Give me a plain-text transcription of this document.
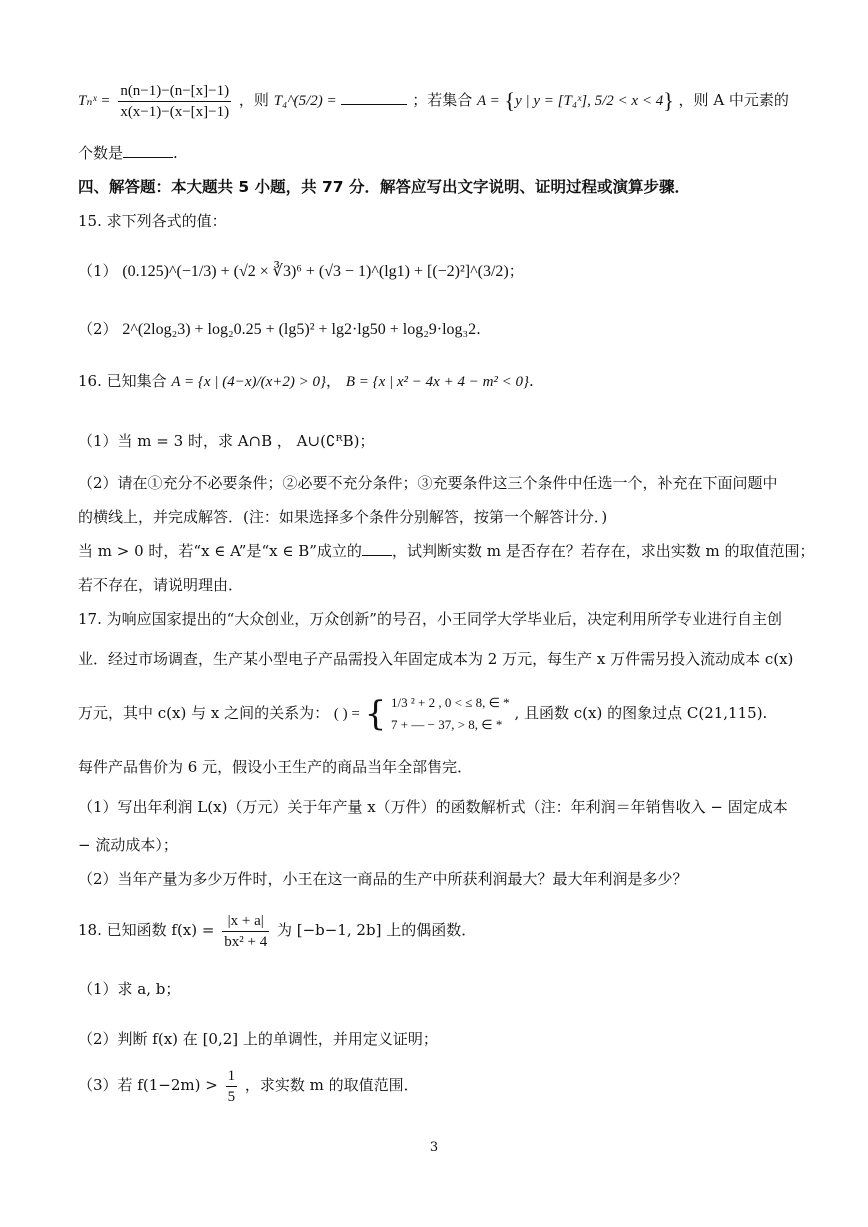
Tₙˣ = $\frac{n(n-1)-(n-[x]-1)}{x(x-1)-(x-[x]-1)}$ ，则 T₄^(5/2) =	；若集合 A = {y | y = [T₄ˣ], 5/2 < x < 4} ，则 A 中元素的
个数是	.
四、解答题：本大题共 5 小题，共 77 分．解答应写出文字说明、证明过程或演算步骤．
15. 求下列各式的值：
（1） (0.125)^(−1/3) + (√2 × ∛3)⁶ + (√3 − 1)^(lg1) + [(−2)²]^(3/2)；
（2） 2^(2log₂3) + log₂0.25 + (lg5)² + lg2·lg50 + log₂9·log₃2.
16. 已知集合 A = {x | (4−x)/(x+2) > 0}， B = {x | x² − 4x + 4 − m² < 0}.
（1）当 m = 3 时，求 A∩B ， A∪(∁ᴿB)；
（2）请在①充分不必要条件；②必要不充分条件；③充要条件这三个条件中任选一个，补充在下面问题中
的横线上，并完成解答．(注：如果选择多个条件分别解答，按第一个解答计分．)
当 m > 0 时，若“x ∈ A”是“x ∈ B”成立的 ，试判断实数 m 是否存在？若存在，求出实数 m 的取值范围；
若不存在，请说明理由．
17. 为响应国家提出的“大众创业，万众创新”的号召，小王同学大学毕业后，决定利用所学专业进行自主创
业．经过市场调查，生产某小型电子产品需投入年固定成本为 2 万元，每生产 x 万件需另投入流动成本 c(x)
万元，其中 c(x) 与 x 之间的关系为： ( ) = { 1/3 ² + 2 , 0 < ≤ 8, ∈ *
7 + — − 37, > 8, ∈ *
, 且函数 c(x) 的图象过点 C(21,115).
每件产品售价为 6 元，假设小王生产的商品当年全部售完．
（1）写出年利润 L(x)（万元）关于年产量 x（万件）的函数解析式（注：年利润＝年销售收入 − 固定成本
− 流动成本）；
（2）当年产量为多少万件时，小王在这一商品的生产中所获利润最大？最大年利润是多少？
18. 已知函数 $f(x) = \frac{|x + a|}{\text{bx² + 4}}$ 为 [−b−1, 2b] 上的偶函数．
（1）求 a, b；
（2）判断 f(x) 在 [0,2] 上的单调性，并用定义证明；
（3）若 $f(1-2m) > \frac{1}{5}$ ，求实数 m 的取值范围．
3
